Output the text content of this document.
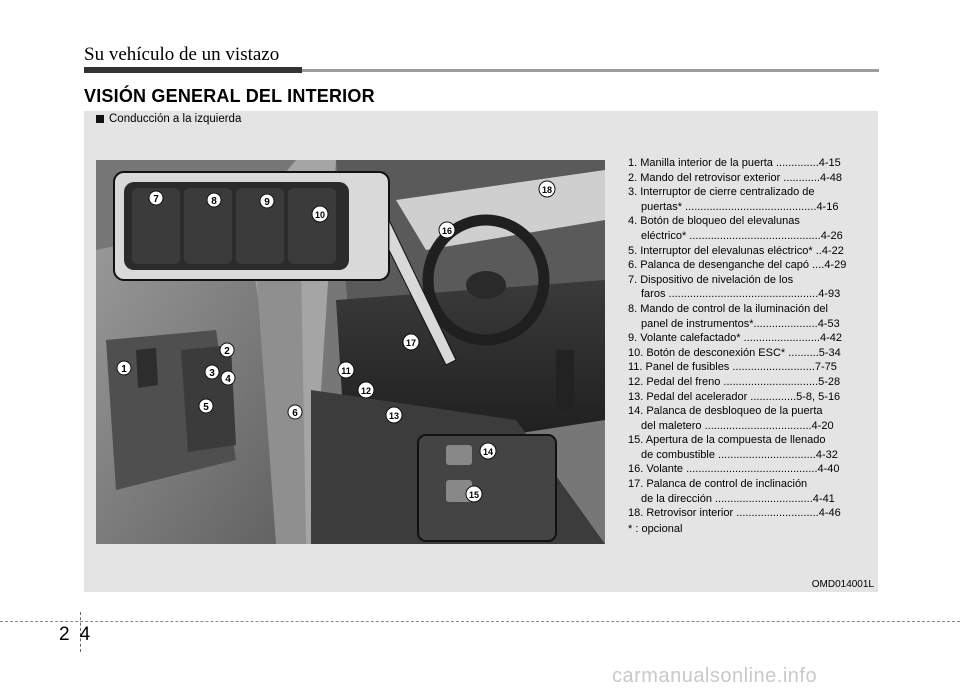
Su vehículo de un vistazo
VISIÓN GENERAL DEL INTERIOR
Conducción a la izquierda
1
2
3
4
5
6
7	8	9
10
11
12
13
14
15
16
17
18
1. Manilla interior de la puerta ..............4-15
2. Mando del retrovisor exterior ............4-48
3. Interruptor de cierre centralizado de
puertas* ...........................................4-16
4. Botón de bloqueo del elevalunas
eléctrico* ...........................................4-26
5. Interruptor del elevalunas eléctrico* ..4-22
6. Palanca de desenganche del capó ....4-29
7. Dispositivo de nivelación de los
faros .................................................4-93
8. Mando de control de la iluminación del
panel de instrumentos*.....................4-53
9. Volante calefactado* .........................4-42
10. Botón de desconexión ESC* ..........5-34
11. Panel de fusibles ...........................7-75
12. Pedal del freno ...............................5-28
13. Pedal del acelerador ...............5-8, 5-16
14. Palanca de desbloqueo de la puerta
del maletero ...................................4-20
15. Apertura de la compuesta de llenado
de combustible ................................4-32
16. Volante ...........................................4-40
17. Palanca de control de inclinación
de la dirección ................................4-41
18. Retrovisor interior ...........................4-46
* : opcional
OMD014001L
24
carmanualsonline.info
